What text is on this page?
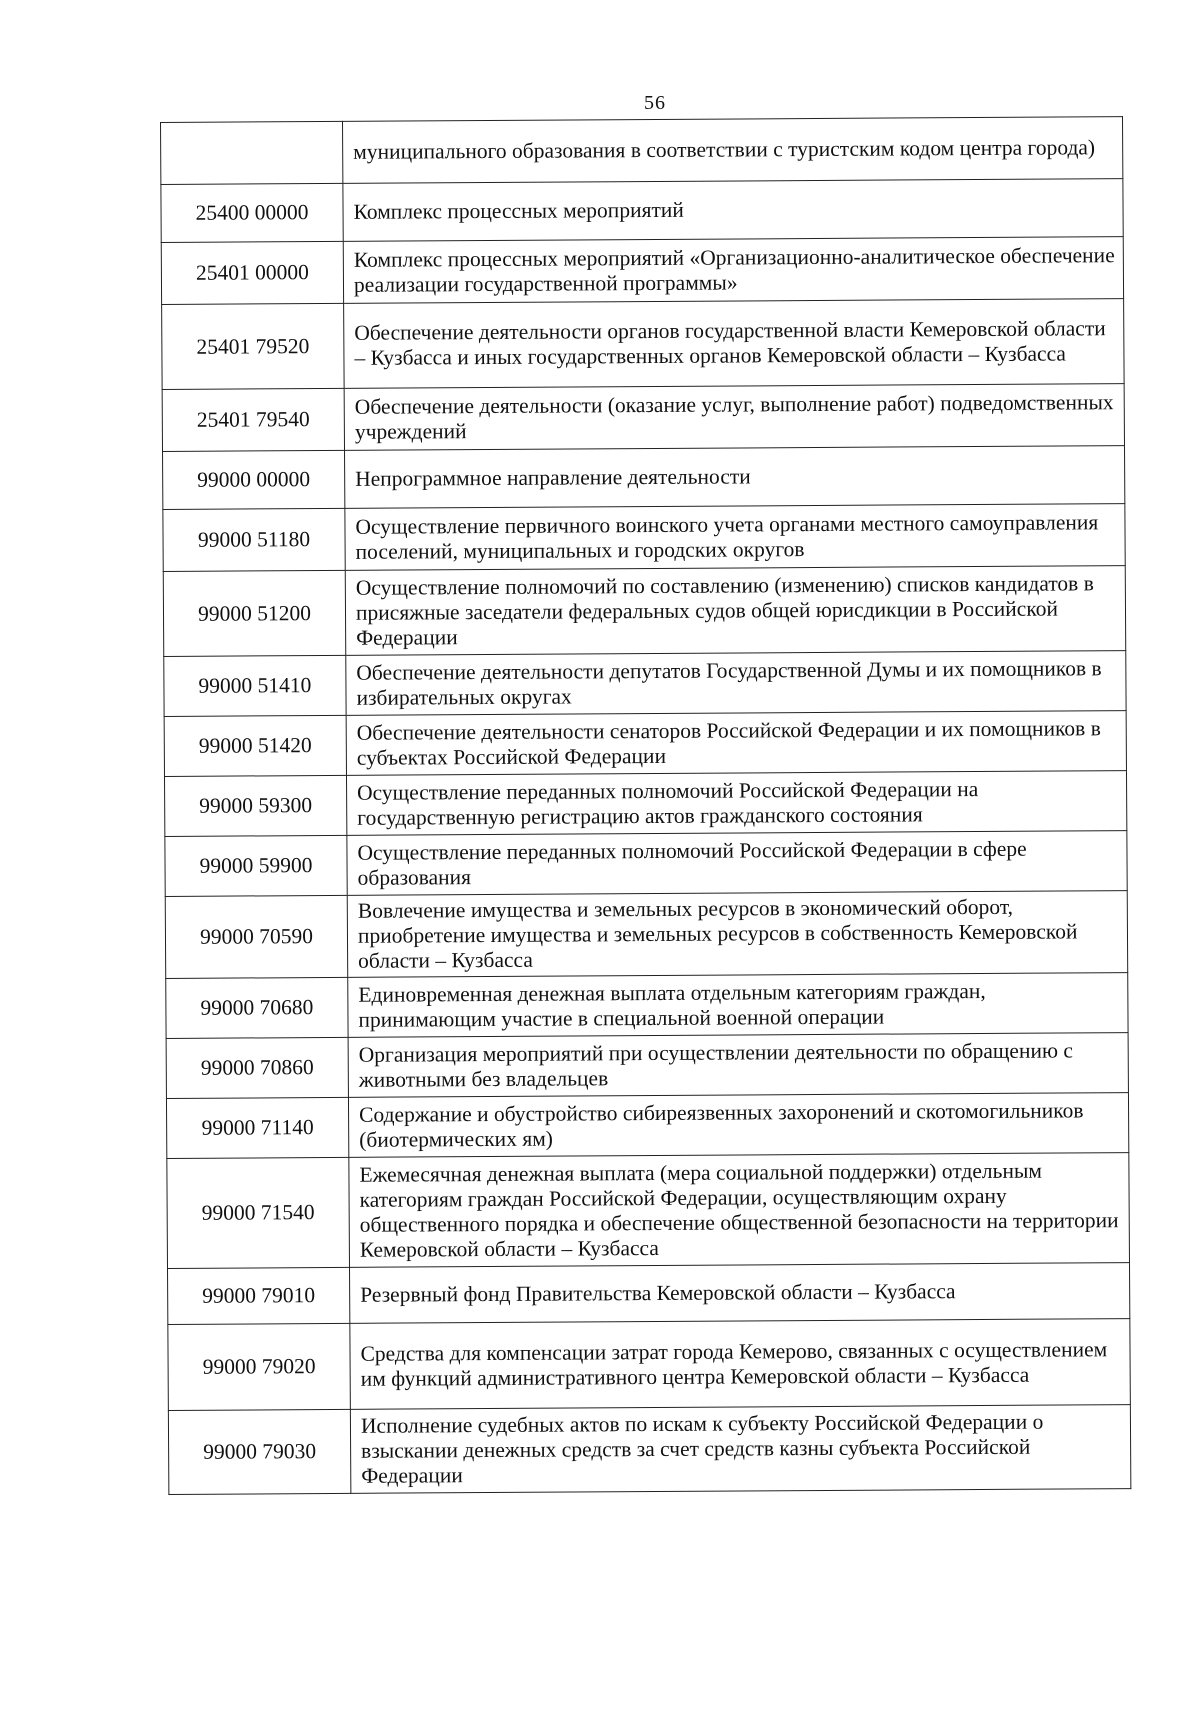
56
	муниципального образования в соответствии с туристским кодом центра города)
25400 00000	Комплекс процессных мероприятий
25401 00000	Комплекс процессных мероприятий «Организационно-аналитическое обеспечение реализации государственной программы»
25401 79520	Обеспечение деятельности органов государственной власти Кемеровской области – Кузбасса и иных государственных органов Кемеровской области – Кузбасса
25401 79540	Обеспечение деятельности (оказание услуг, выполнение работ) подведомственных учреждений
99000 00000	Непрограммное направление деятельности
99000 51180	Осуществление первичного воинского учета органами местного самоуправления поселений, муниципальных и городских округов
99000 51200	Осуществление полномочий по составлению (изменению) списков кандидатов в присяжные заседатели федеральных судов общей юрисдикции в Российской Федерации
99000 51410	Обеспечение деятельности депутатов Государственной Думы и их помощников в избирательных округах
99000 51420	Обеспечение деятельности сенаторов Российской Федерации и их помощников в субъектах Российской Федерации
99000 59300	Осуществление переданных полномочий Российской Федерации на государственную регистрацию актов гражданского состояния
99000 59900	Осуществление переданных полномочий Российской Федерации в сфере образования
99000 70590	Вовлечение имущества и земельных ресурсов в экономический оборот, приобретение имущества и земельных ресурсов в собственность Кемеровской области – Кузбасса
99000 70680	Единовременная денежная выплата отдельным категориям граждан, принимающим участие в специальной военной операции
99000 70860	Организация мероприятий при осуществлении деятельности по обращению с животными без владельцев
99000 71140	Содержание и обустройство сибиреязвенных захоронений и скотомогильников (биотермических ям)
99000 71540	Ежемесячная денежная выплата (мера социальной поддержки) отдельным категориям граждан Российской Федерации, осуществляющим охрану общественного порядка и обеспечение общественной безопасности на территории Кемеровской области – Кузбасса
99000 79010	Резервный фонд Правительства Кемеровской области – Кузбасса
99000 79020	Средства для компенсации затрат города Кемерово, связанных с осуществлением им функций административного центра Кемеровской области – Кузбасса
99000 79030	Исполнение судебных актов по искам к субъекту Российской Федерации о взыскании денежных средств за счет средств казны субъекта Российской Федерации
